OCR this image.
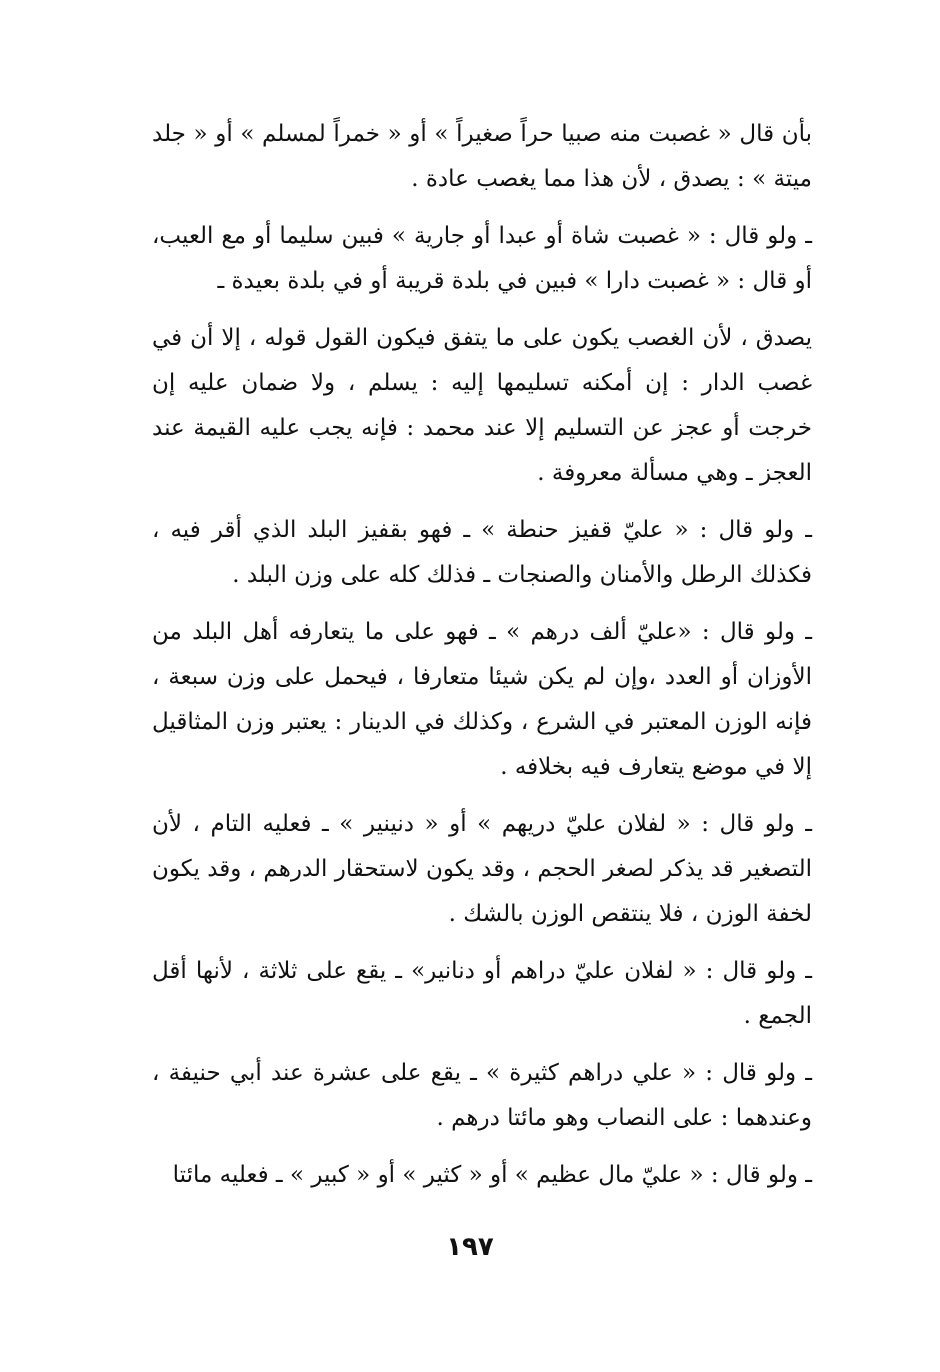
بأن قال « غصبت منه صبيا حراً صغيراً » أو « خمراً لمسلم » أو « جلد ميتة » : يصدق ، لأن هذا مما يغصب عادة .

ـ ولو قال : « غصبت شاة أو عبدا أو جارية » فبين سليما أو مع العيب، أو قال : « غصبت دارا » فبين في بلدة قريبة أو في بلدة بعيدة ـ

يصدق ، لأن الغصب يكون على ما يتفق فيكون القول قوله ، إلا أن في غصب الدار : إن أمكنه تسليمها إليه : يسلم ، ولا ضمان عليه إن خرجت أو عجز عن التسليم إلا عند محمد : فإنه يجب عليه القيمة عند العجز ـ وهي مسألة معروفة .

ـ ولو قال : « عليّ قفيز حنطة » ـ فهو بقفيز البلد الذي أقر فيه ، فكذلك الرطل والأمنان والصنجات ـ فذلك كله على وزن البلد .

ـ ولو قال : «عليّ ألف درهم » ـ فهو على ما يتعارفه أهل البلد من الأوزان أو العدد ،وإن لم يكن شيئا متعارفا ، فيحمل على وزن سبعة ، فإنه الوزن المعتبر في الشرع ، وكذلك في الدينار : يعتبر وزن المثاقيل إلا في موضع يتعارف فيه بخلافه .

ـ ولو قال : « لفلان عليّ دريهم » أو « دنينير » ـ فعليه التام ، لأن التصغير قد يذكر لصغر الحجم ، وقد يكون لاستحقار الدرهم ، وقد يكون لخفة الوزن ، فلا ينتقص الوزن بالشك .

ـ ولو قال : « لفلان عليّ دراهم أو دنانير» ـ يقع على ثلاثة ، لأنها أقل الجمع .

ـ ولو قال : « علي دراهم كثيرة » ـ يقع على عشرة عند أبي حنيفة ، وعندهما : على النصاب وهو مائتا درهم .

ـ ولو قال : « عليّ مال عظيم » أو « كثير » أو « كبير » ـ فعليه مائتا

١٩٧
